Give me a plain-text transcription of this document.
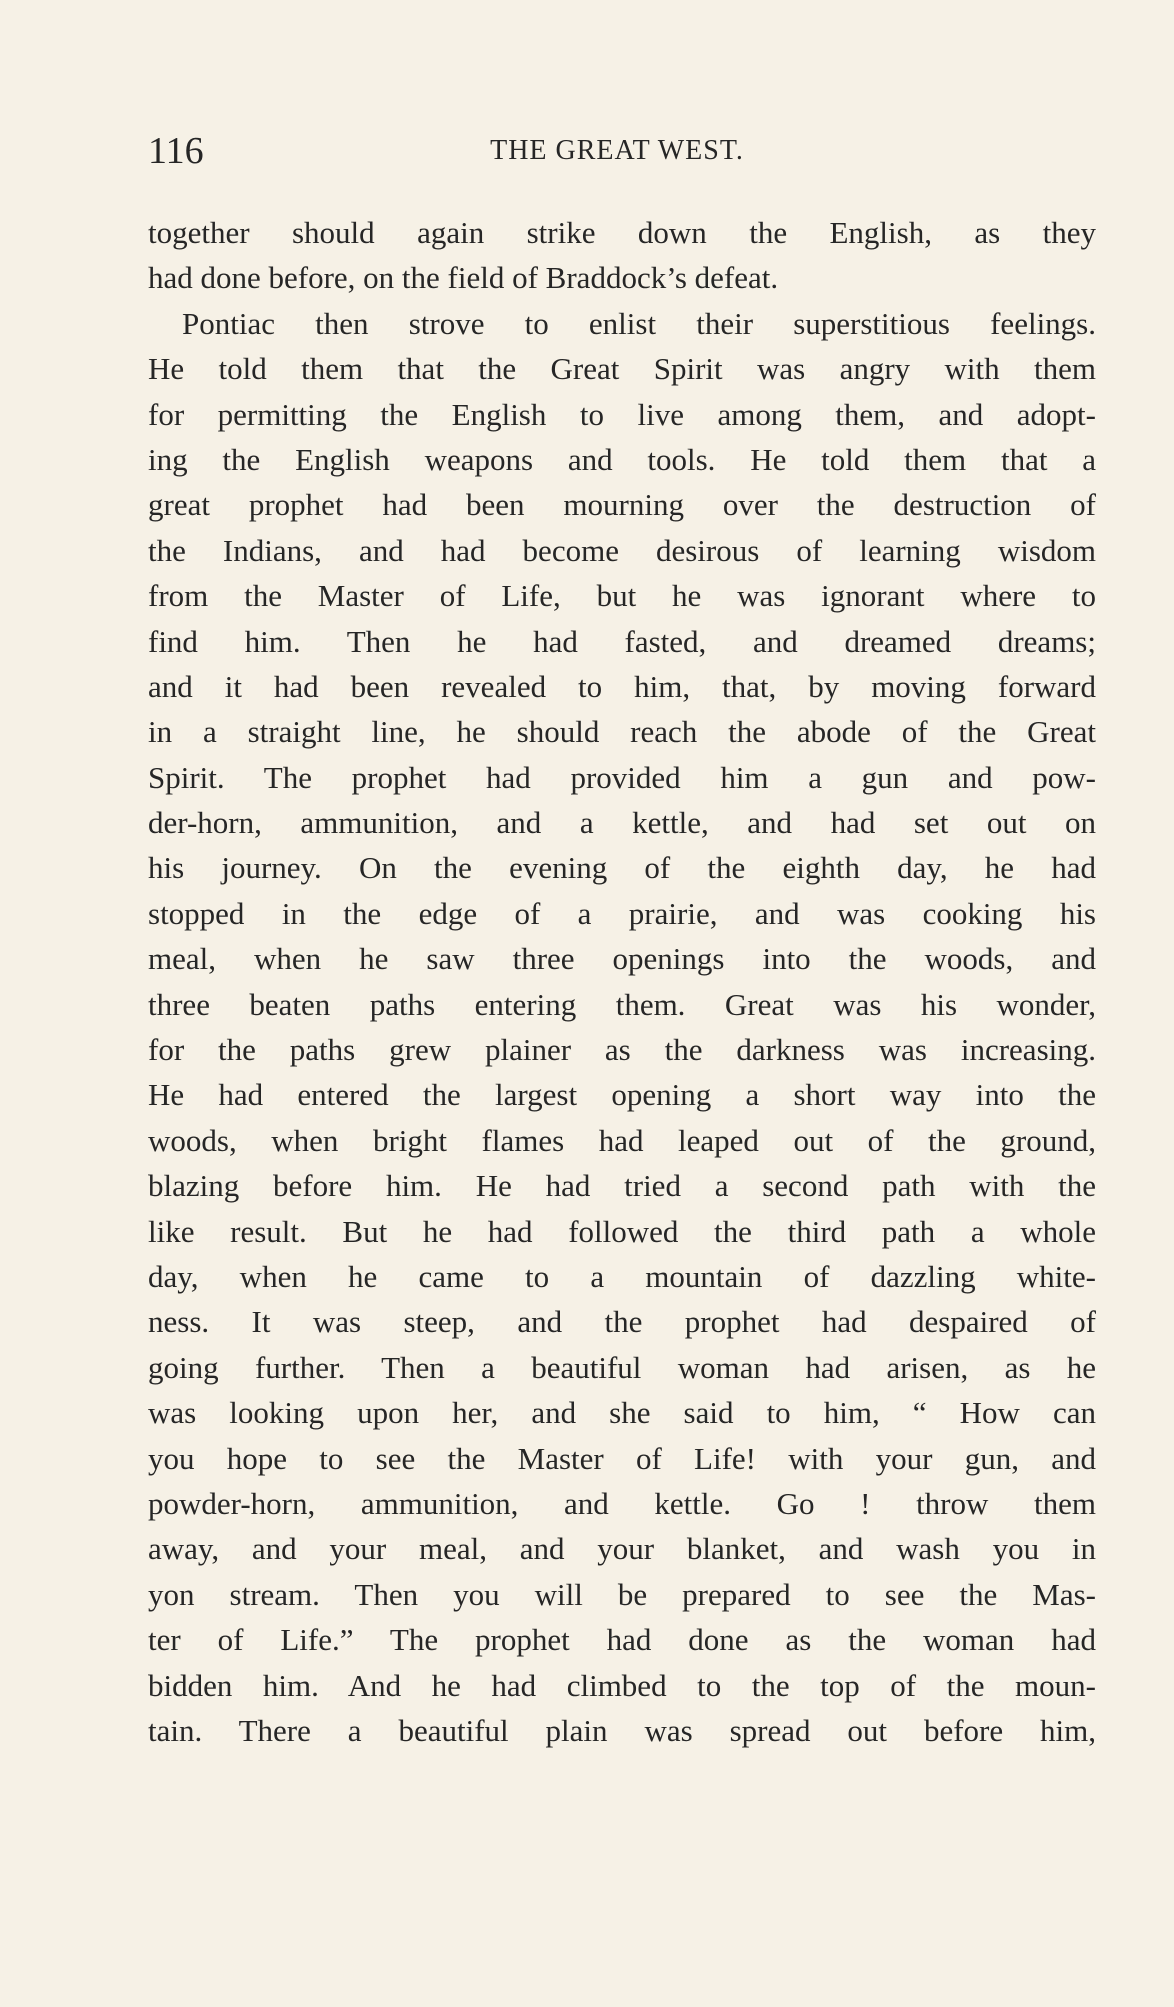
116	THE GREAT WEST.
together should again strike down the English, as they
had done before, on the field of Braddock’s defeat.
Pontiac then strove to enlist their superstitious feelings.
He told them that the Great Spirit was angry with them
for permitting the English to live among them, and adopt-
ing the English weapons and tools. He told them that a
great prophet had been mourning over the destruction of
the Indians, and had become desirous of learning wisdom
from the Master of Life, but he was ignorant where to
find him. Then he had fasted, and dreamed dreams;
and it had been revealed to him, that, by moving forward
in a straight line, he should reach the abode of the Great
Spirit. The prophet had provided him a gun and pow-
der-horn, ammunition, and a kettle, and had set out on
his journey. On the evening of the eighth day, he had
stopped in the edge of a prairie, and was cooking his
meal, when he saw three openings into the woods, and
three beaten paths entering them. Great was his wonder,
for the paths grew plainer as the darkness was increasing.
He had entered the largest opening a short way into the
woods, when bright flames had leaped out of the ground,
blazing before him. He had tried a second path with the
like result. But he had followed the third path a whole
day, when he came to a mountain of dazzling white-
ness. It was steep, and the prophet had despaired of
going further. Then a beautiful woman had arisen, as he
was looking upon her, and she said to him, “ How can
you hope to see the Master of Life! with your gun, and
powder-horn, ammunition, and kettle. Go ! throw them
away, and your meal, and your blanket, and wash you in
yon stream. Then you will be prepared to see the Mas-
ter of Life.” The prophet had done as the woman had
bidden him. And he had climbed to the top of the moun-
tain. There a beautiful plain was spread out before him,
